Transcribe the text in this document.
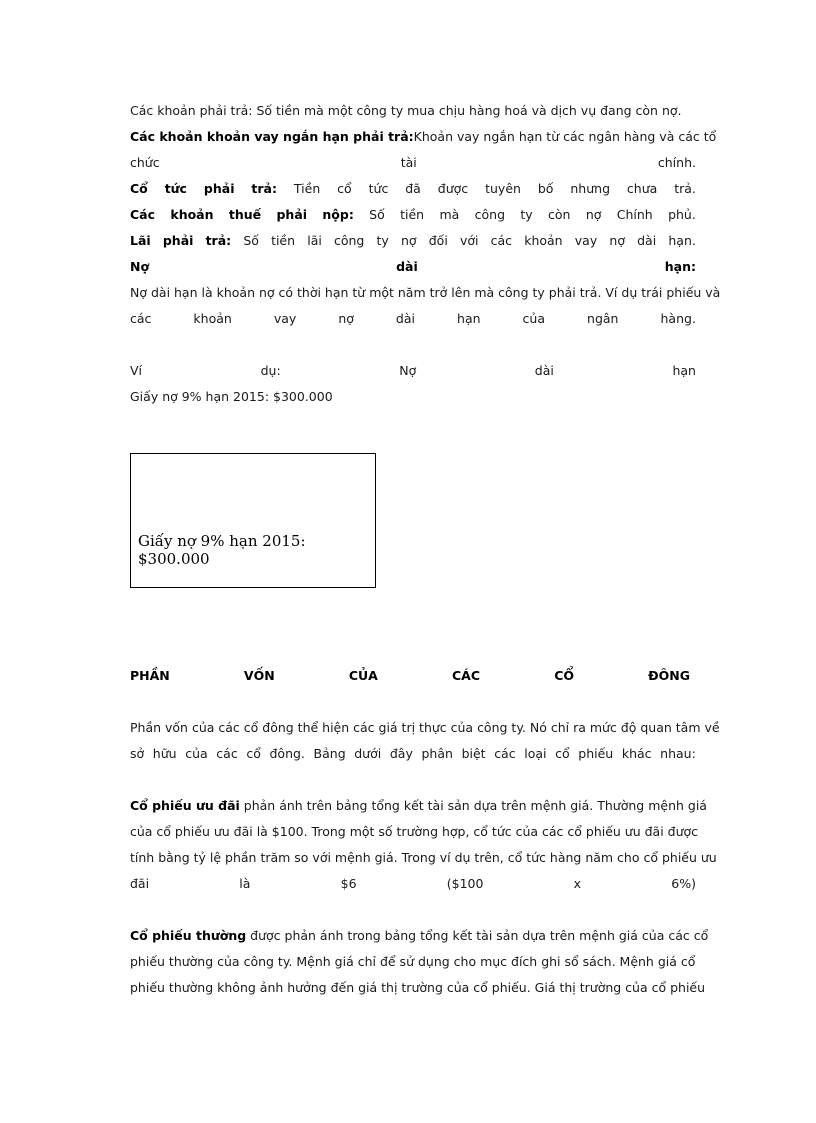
Các khoản phải trả: Số tiền mà một công ty mua chịu hàng hoá và dịch vụ đang còn nợ.
Các khoản khoản vay ngắn hạn phải trả:Khoản vay ngắn hạn từ các ngân hàng và các tổ
chức	tài	chính.
Cổ tức phải trả: Tiền cổ tức đã được tuyên bố nhưng chưa trả.
Các khoản thuế phải nộp: Số tiền mà công ty còn nợ Chính phủ.
Lãi phải trả: Số tiền lãi công ty nợ đối với các khoản vay nợ dài hạn.
Nợ	dài	hạn:
Nợ dài hạn là khoản nợ có thời hạn từ một năm trở lên mà công ty phải trả. Ví dụ trái phiếu và
các	khoản	vay	nợ	dài	hạn	của	ngân	hàng.
Ví	dụ:	Nợ	dài	hạn
Giấy nợ 9% hạn 2015: $300.000
Giấy nợ 9% hạn 2015: $300.000
PHẦN	VỐN	CỦA	CÁC	CỔ	ĐÔNG
Phần vốn của các cổ đông thể hiện các giá trị thực của công ty. Nó chỉ ra mức độ quan tâm về
sở hữu của các cổ đông. Bảng dưới đây phân biệt các loại cổ phiếu khác nhau:
Cổ phiếu ưu đãi phản ánh trên bảng tổng kết tài sản dựa trên mệnh giá. Thường mệnh giá
của cổ phiếu ưu đãi là $100. Trong một số trường hợp, cổ tức của các cổ phiếu ưu đãi được
tính bằng tỷ lệ phần trăm so với mệnh giá. Trong ví dụ trên, cổ tức hàng năm cho cổ phiếu ưu
đãi	là	$6	($100	x	6%)
Cổ phiếu thường được phản ánh trong bảng tổng kết tài sản dựa trên mệnh giá của các cổ
phiếu thường của công ty. Mệnh giá chỉ để sử dụng cho mục đích ghi sổ sách. Mệnh giá cổ
phiếu thường không ảnh hưởng đến giá thị trường của cổ phiếu. Giá thị trường của cổ phiếu
